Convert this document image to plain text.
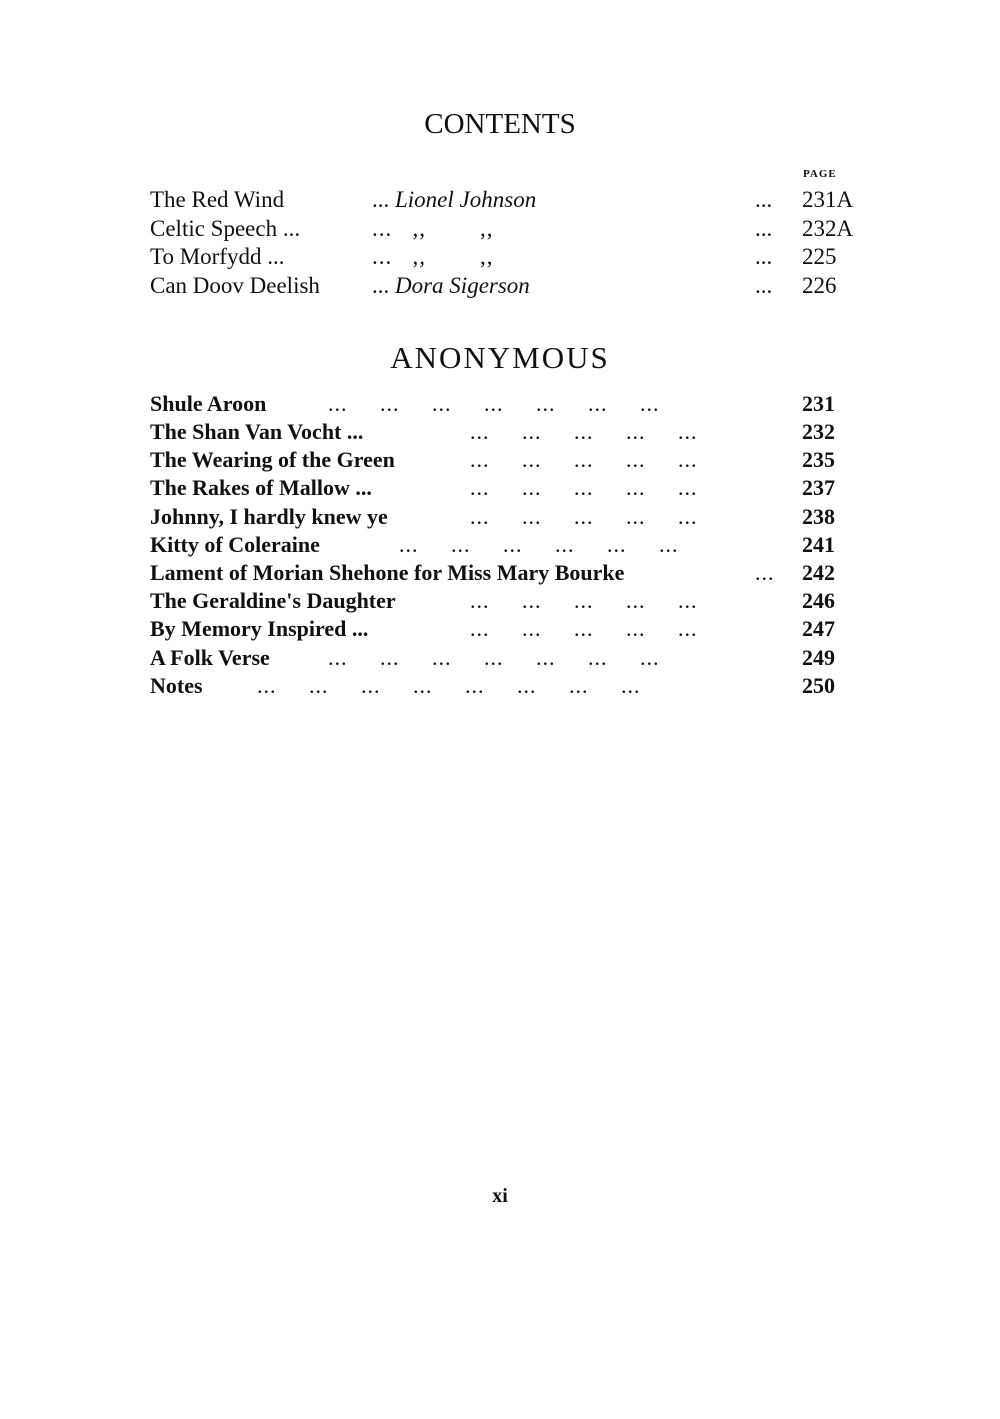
CONTENTS
PAGE
The Red Wind	... Lionel Johnson	... 231A
Celtic Speech ...	...   ,,        ,,	... 232A
To Morfydd ...	...   ,,        ,,	... 225
Can Doov Deelish ... Dora Sigerson	... 226
ANONYMOUS
Shule Aroon	...     ...     ...     ...     ...     ...     ...	231
The Shan Van Vocht ...	...     ...     ...     ...     ...	232
The Wearing of the Green	...     ...     ...     ...     ...	235
The Rakes of Mallow ...	...     ...     ...     ...     ...	237
Johnny, I hardly knew ye	...     ...     ...     ...     ...	238
Kitty of Coleraine	...     ...     ...     ...     ...     ...	241
Lament of Morian Shehone for Miss Mary Bourke	... 242
The Geraldine's Daughter	...     ...     ...     ...     ...	246
By Memory Inspired ...	...     ...     ...     ...     ...	247
A Folk Verse	...     ...     ...     ...     ...     ...     ...	249
Notes ...     ...     ...     ...     ...     ...     ...     ...	250
xi
